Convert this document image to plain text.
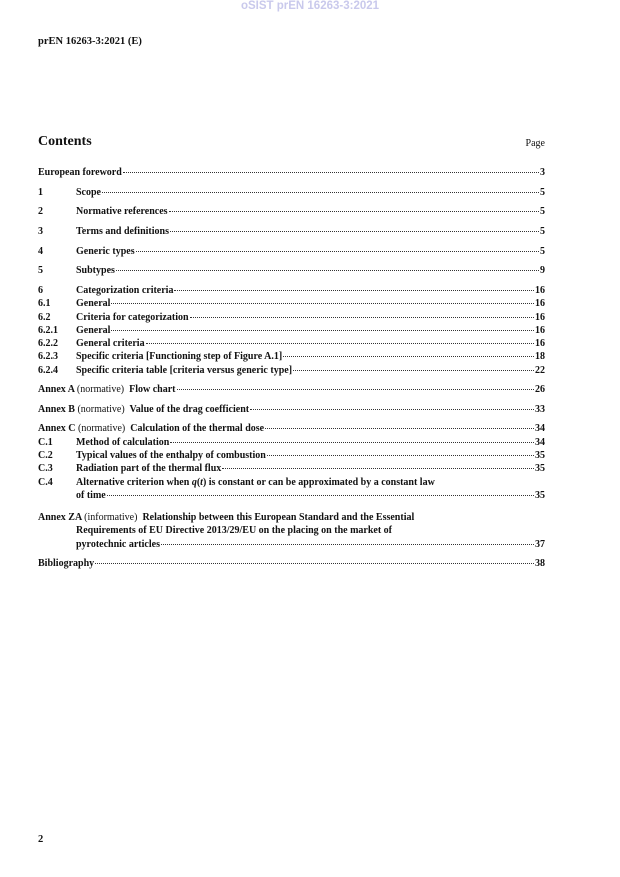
oSIST prEN 16263-3:2021
prEN 16263-3:2021 (E)
Contents	Page
European foreword	3
1	Scope	5
2	Normative references	5
3	Terms and definitions	5
4	Generic types	5
5	Subtypes	9
6	Categorization criteria	16
6.1	General	16
6.2	Criteria for categorization	16
6.2.1	General	16
6.2.2	General criteria	16
6.2.3	Specific criteria [Functioning step of Figure A.1]	18
6.2.4	Specific criteria table [criteria versus generic type]	22
Annex A (normative) Flow chart	26
Annex B (normative) Value of the drag coefficient	33
Annex C (normative) Calculation of the thermal dose	34
C.1	Method of calculation	34
C.2	Typical values of the enthalpy of combustion	35
C.3	Radiation part of the thermal flux	35
C.4	Alternative criterion when q(t) is constant or can be approximated by a constant law
of time	35
Annex ZA (informative) Relationship between this European Standard and the Essential
Requirements of EU Directive 2013/29/EU on the placing on the market of
pyrotechnic articles	37
Bibliography	38
2
